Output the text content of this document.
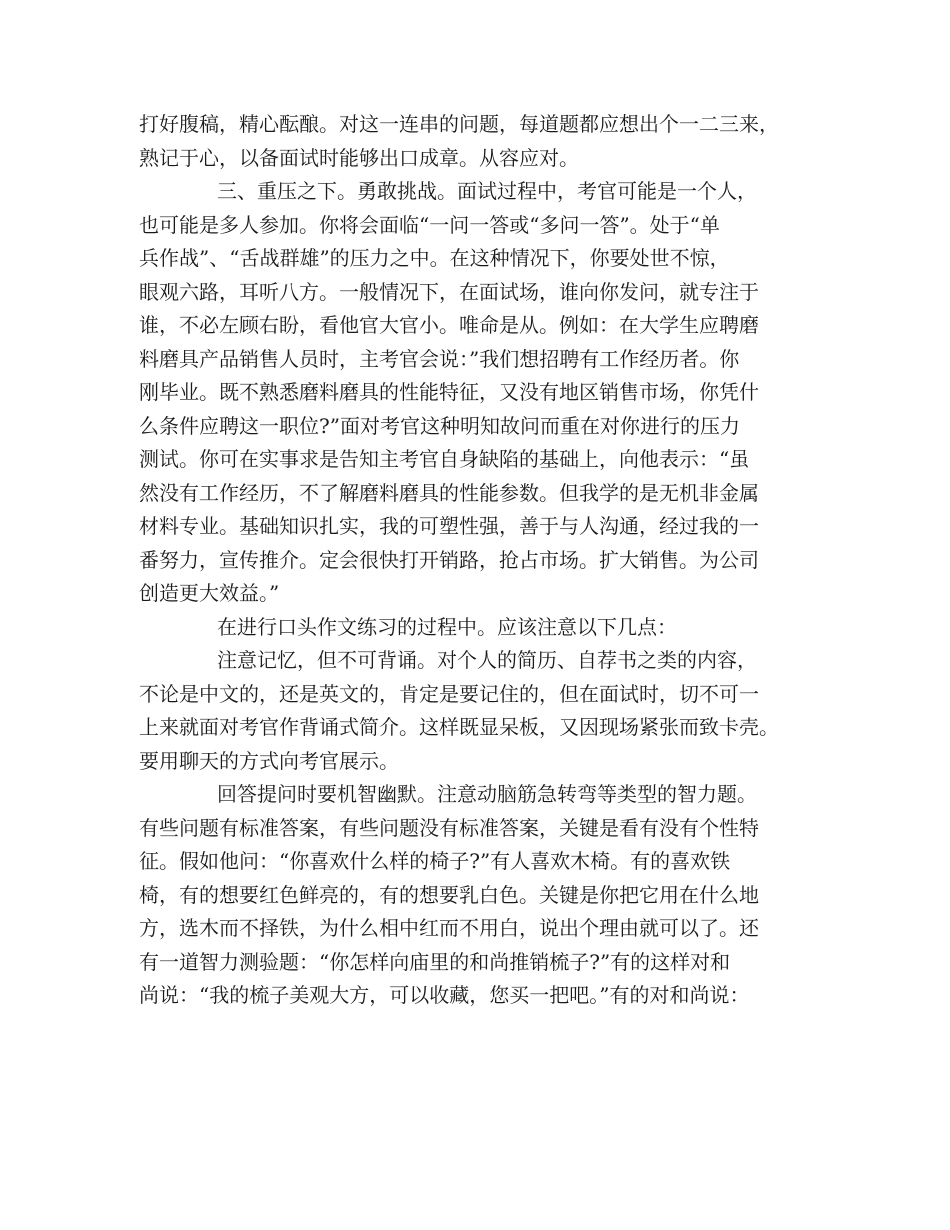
打好腹稿，精心酝酿。对这一连串的问题，每道题都应想出个一二三来，
熟记于心，以备面试时能够出口成章。从容应对。
三、重压之下。勇敢挑战。面试过程中，考官可能是一个人，
也可能是多人参加。你将会面临“一问一答或“多问一答”。处于“单
兵作战”、“舌战群雄”的压力之中。在这种情况下，你要处世不惊，
眼观六路，耳听八方。一般情况下，在面试场，谁向你发问，就专注于
谁，不必左顾右盼，看他官大官小。唯命是从。例如：在大学生应聘磨
料磨具产品销售人员时，主考官会说：”我们想招聘有工作经历者。你
刚毕业。既不熟悉磨料磨具的性能特征，又没有地区销售市场，你凭什
么条件应聘这一职位?”面对考官这种明知故问而重在对你进行的压力
测试。你可在实事求是告知主考官自身缺陷的基础上，向他表示：“虽
然没有工作经历，不了解磨料磨具的性能参数。但我学的是无机非金属
材料专业。基础知识扎实，我的可塑性强，善于与人沟通，经过我的一
番努力，宣传推介。定会很快打开销路，抢占市场。扩大销售。为公司
创造更大效益。”
在进行口头作文练习的过程中。应该注意以下几点：
注意记忆，但不可背诵。对个人的简历、自荐书之类的内容，
不论是中文的，还是英文的，肯定是要记住的，但在面试时，切不可一
上来就面对考官作背诵式简介。这样既显呆板，又因现场紧张而致卡壳。
要用聊天的方式向考官展示。
回答提问时要机智幽默。注意动脑筋急转弯等类型的智力题。
有些问题有标准答案，有些问题没有标准答案，关键是看有没有个性特
征。假如他问：“你喜欢什么样的椅子?”有人喜欢木椅。有的喜欢铁
椅，有的想要红色鲜亮的，有的想要乳白色。关键是你把它用在什么地
方，选木而不择铁，为什么相中红而不用白，说出个理由就可以了。还
有一道智力测验题：“你怎样向庙里的和尚推销梳子?”有的这样对和
尚说：“我的梳子美观大方，可以收藏，您买一把吧。”有的对和尚说：
